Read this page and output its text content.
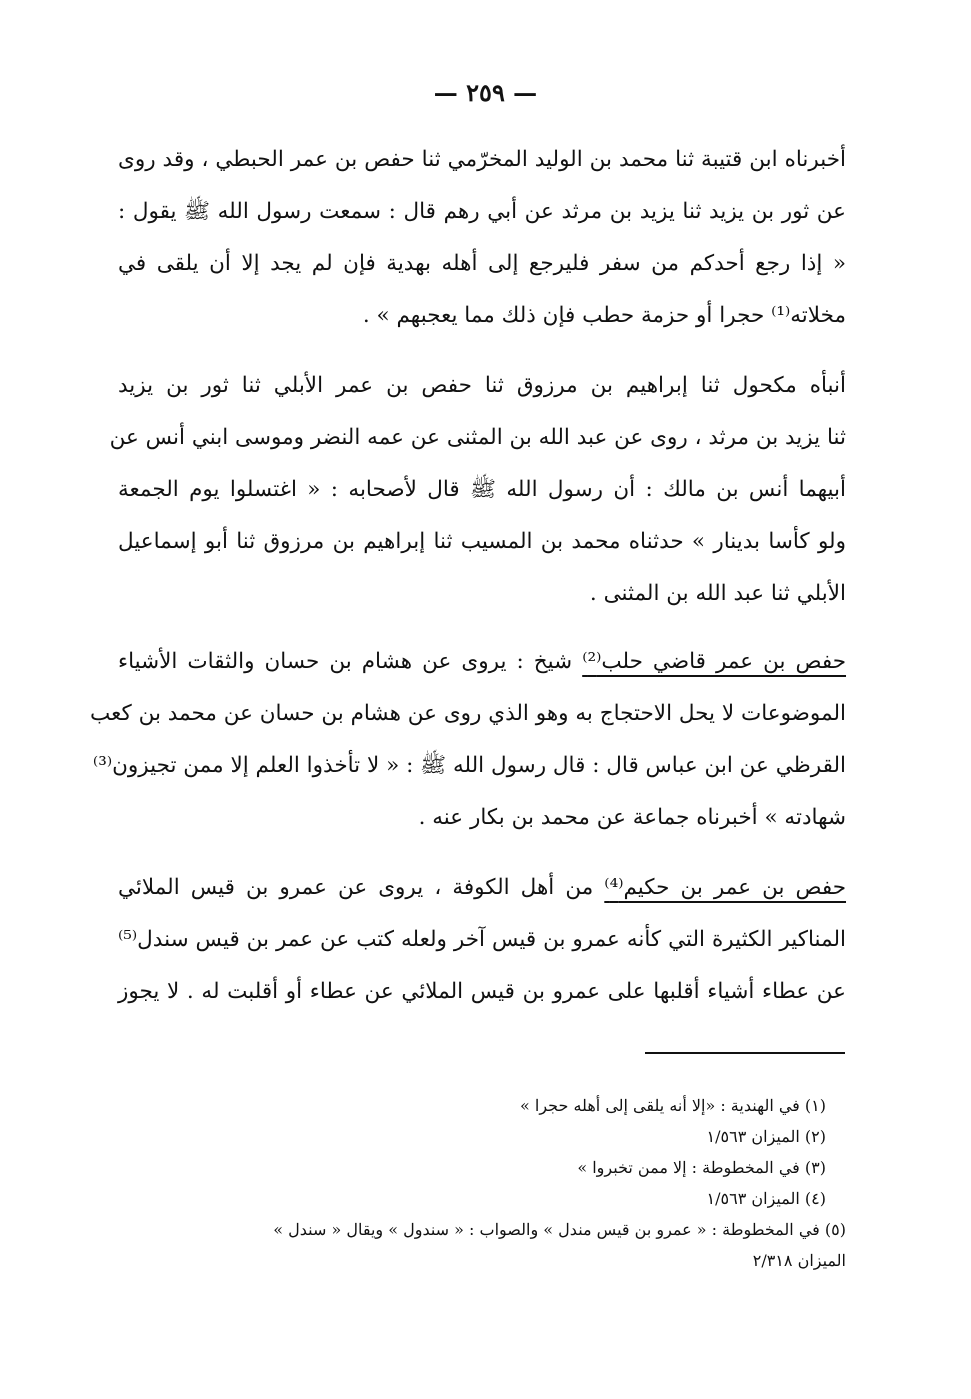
— ٢٥٩ —
أخبرناه ابن قتيبة ثنا محمد بن الوليد المخرّمي ثنا حفص بن عمر الحبطي ، وقد روى
عن ثور بن يزيد ثنا يزيد بن مرثد عن أبي رهم قال : سمعت رسول الله ﷺ يقول :
« إذا رجع أحدكم من سفر فليرجع إلى أهله بهدية فإن لم يجد إلا أن يلقى في
مخلاته⁽¹⁾ حجرا أو حزمة حطب فإن ذلك مما يعجبهم » .
أنبأه مكحول ثنا إبراهيم بن مرزوق ثنا حفص بن عمر الأبلي ثنا ثور بن يزيد
ثنا يزيد بن مرثد ، روى عن عبد الله بن المثنى عن عمه النضر وموسى ابني أنس عن
أبيهما أنس بن مالك : أن رسول الله ﷺ قال لأصحابه : « اغتسلوا يوم الجمعة
ولو كأسا بدينار » حدثناه محمد بن المسيب ثنا إبراهيم بن مرزوق ثنا أبو إسماعيل
الأبلي ثنا عبد الله بن المثنى .
حفص بن عمر قاضي حلب⁽²⁾ شيخ : يروى عن هشام بن حسان والثقات الأشياء
الموضوعات لا يحل الاحتجاج به وهو الذي روى عن هشام بن حسان عن محمد بن كعب
القرظي عن ابن عباس قال : قال رسول الله ﷺ : « لا تأخذوا العلم إلا ممن تجيزون⁽³⁾
شهادته » أخبرناه جماعة عن محمد بن بكار عنه .
حفص بن عمر بن حكيم⁽⁴⁾ من أهل الكوفة ، يروى عن عمرو بن قيس الملائي
المناكير الكثيرة التي كأنه عمرو بن قيس آخر ولعله كتب عن عمر بن قيس سندل⁽⁵⁾
عن عطاء أشياء أقلبها على عمرو بن قيس الملائي عن عطاء أو أقلبت له . لا يجوز
(١) في الهندية : «إلا أنه يلقى إلى أهله حجرا »
(٢) الميزان ١/٥٦٣
(٣) في المخطوطة : إلا ممن تخبروا »
(٤) الميزان ١/٥٦٣
(٥) في المخطوطة : « عمرو بن قيس مندل » والصواب : « سندول » ويقال « سندل »
الميزان ٢/٣١٨
